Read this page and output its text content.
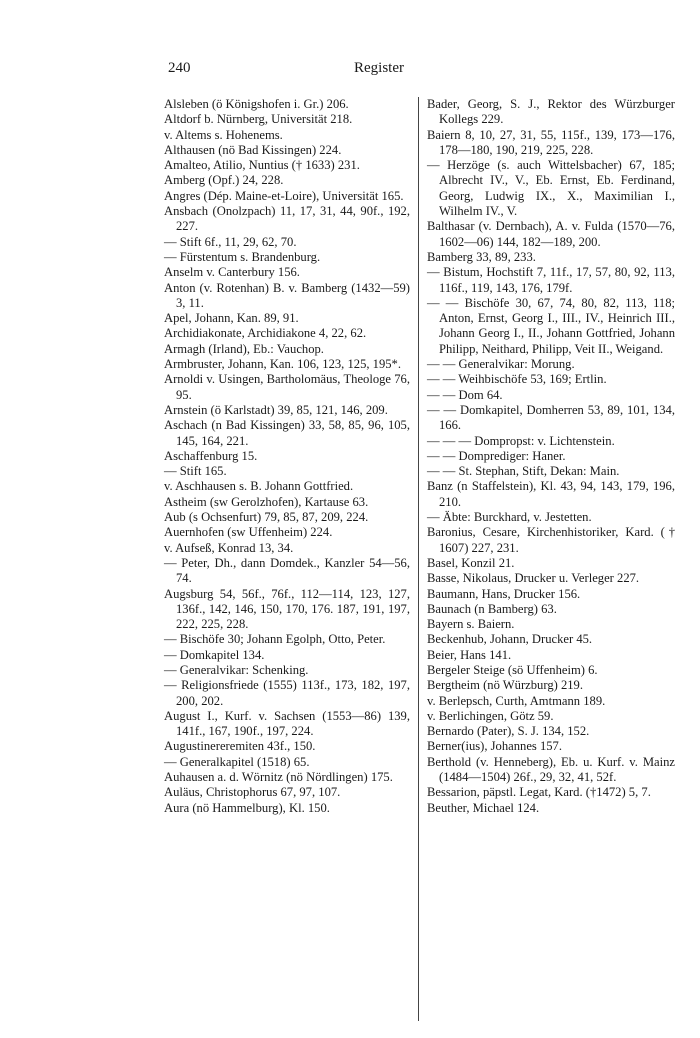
240	Register

Alsleben (ö Königshofen i. Gr.) 206.

Altdorf b. Nürnberg, Universität 218.

v. Altems s. Hohenems.

Althausen (nö Bad Kissingen) 224.

Amalteo, Atilio, Nuntius († 1633) 231.

Amberg (Opf.) 24, 228.

Angres (Dép. Maine-et-Loire), Universität 165.

Ansbach (Onolzpach) 11, 17, 31, 44, 90f., 192, 227.

— Stift 6f., 11, 29, 62, 70.

— Fürstentum s. Brandenburg.

Anselm v. Canterbury 156.

Anton (v. Rotenhan) B. v. Bamberg (1432—59) 3, 11.

Apel, Johann, Kan. 89, 91.

Archidiakonate, Archidiakone 4, 22, 62.

Armagh (Irland), Eb.: Vauchop.

Armbruster, Johann, Kan. 106, 123, 125, 195*.

Arnoldi v. Usingen, Bartholomäus, Theologe 76, 95.

Arnstein (ö Karlstadt) 39, 85, 121, 146, 209.

Aschach (n Bad Kissingen) 33, 58, 85, 96, 105, 145, 164, 221.

Aschaffenburg 15.

— Stift 165.

v. Aschhausen s. B. Johann Gottfried.

Astheim (sw Gerolzhofen), Kartause 63.

Aub (s Ochsenfurt) 79, 85, 87, 209, 224.

Auernhofen (sw Uffenheim) 224.

v. Aufseß, Konrad 13, 34.

— Peter, Dh., dann Domdek., Kanzler 54—56, 74.

Augsburg 54, 56f., 76f., 112—114, 123, 127, 136f., 142, 146, 150, 170, 176. 187, 191, 197, 222, 225, 228.

— Bischöfe 30; Johann Egolph, Otto, Peter.

— Domkapitel 134.

— Generalvikar: Schenking.

— Religionsfriede (1555) 113f., 173, 182, 197, 200, 202.

August I., Kurf. v. Sachsen (1553—86) 139, 141f., 167, 190f., 197, 224.

Augustinereremiten 43f., 150.

— Generalkapitel (1518) 65.

Auhausen a. d. Wörnitz (nö Nördlingen) 175.

Auläus, Christophorus 67, 97, 107.

Aura (nö Hammelburg), Kl. 150.

Bader, Georg, S. J., Rektor des Würzburger Kollegs 229.

Baiern 8, 10, 27, 31, 55, 115f., 139, 173—176, 178—180, 190, 219, 225, 228.

— Herzöge (s. auch Wittelsbacher) 67, 185; Albrecht IV., V., Eb. Ernst, Eb. Ferdinand, Georg, Ludwig IX., X., Maximilian I., Wilhelm IV., V.

Balthasar (v. Dernbach), A. v. Fulda (1570—76, 1602—06) 144, 182—189, 200.

Bamberg 33, 89, 233.

— Bistum, Hochstift 7, 11f., 17, 57, 80, 92, 113, 116f., 119, 143, 176, 179f.

— — Bischöfe 30, 67, 74, 80, 82, 113, 118; Anton, Ernst, Georg I., III., IV., Heinrich III., Johann Georg I., II., Johann Gottfried, Johann Philipp, Neithard, Philipp, Veit II., Weigand.

— — Generalvikar: Morung.

— — Weihbischöfe 53, 169; Ertlin.

— — Dom 64.

— — Domkapitel, Domherren 53, 89, 101, 134, 166.

— — — Dompropst: v. Lichtenstein.

— — Domprediger: Haner.

— — St. Stephan, Stift, Dekan: Main.

Banz (n Staffelstein), Kl. 43, 94, 143, 179, 196, 210.

— Äbte: Burckhard, v. Jestetten.

Baronius, Cesare, Kirchenhistoriker, Kard. († 1607) 227, 231.

Basel, Konzil 21.

Basse, Nikolaus, Drucker u. Verleger 227.

Baumann, Hans, Drucker 156.

Baunach (n Bamberg) 63.

Bayern s. Baiern.

Beckenhub, Johann, Drucker 45.

Beier, Hans 141.

Bergeler Steige (sö Uffenheim) 6.

Bergtheim (nö Würzburg) 219.

v. Berlepsch, Curth, Amtmann 189.

v. Berlichingen, Götz 59.

Bernardo (Pater), S. J. 134, 152.

Berner(ius), Johannes 157.

Berthold (v. Henneberg), Eb. u. Kurf. v. Mainz (1484—1504) 26f., 29, 32, 41, 52f.

Bessarion, päpstl. Legat, Kard. (†1472) 5, 7.

Beuther, Michael 124.
